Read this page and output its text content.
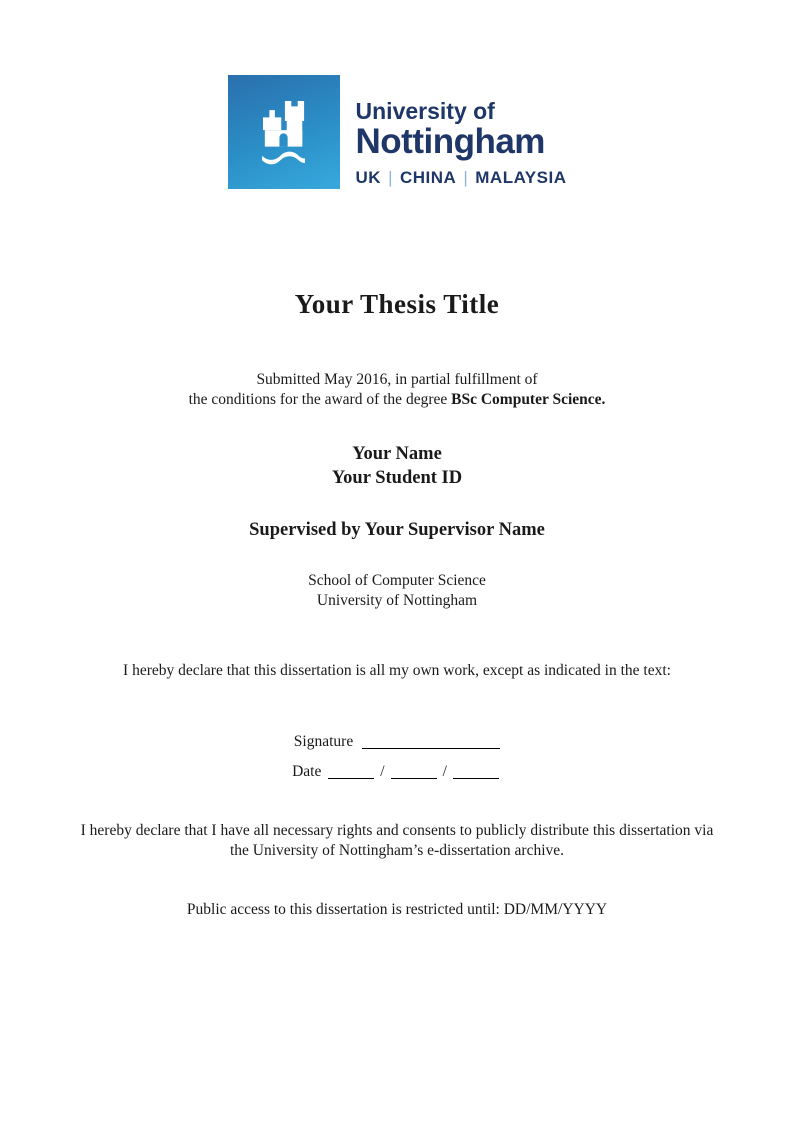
University of
Nottingham
UK | CHINA | MALAYSIA
Your Thesis Title

Submitted May 2016, in partial fulfillment of
the conditions for the award of the degree BSc Computer Science.

Your Name
Your Student ID
Supervised by Your Supervisor Name
School of Computer Science
University of Nottingham

I hereby declare that this dissertation is all my own work, except as indicated in the text:

Signature
Date	/	/

I hereby declare that I have all necessary rights and consents to publicly distribute this dissertation via the University of Nottingham’s e-dissertation archive.

Public access to this dissertation is restricted until: DD/MM/YYYY
